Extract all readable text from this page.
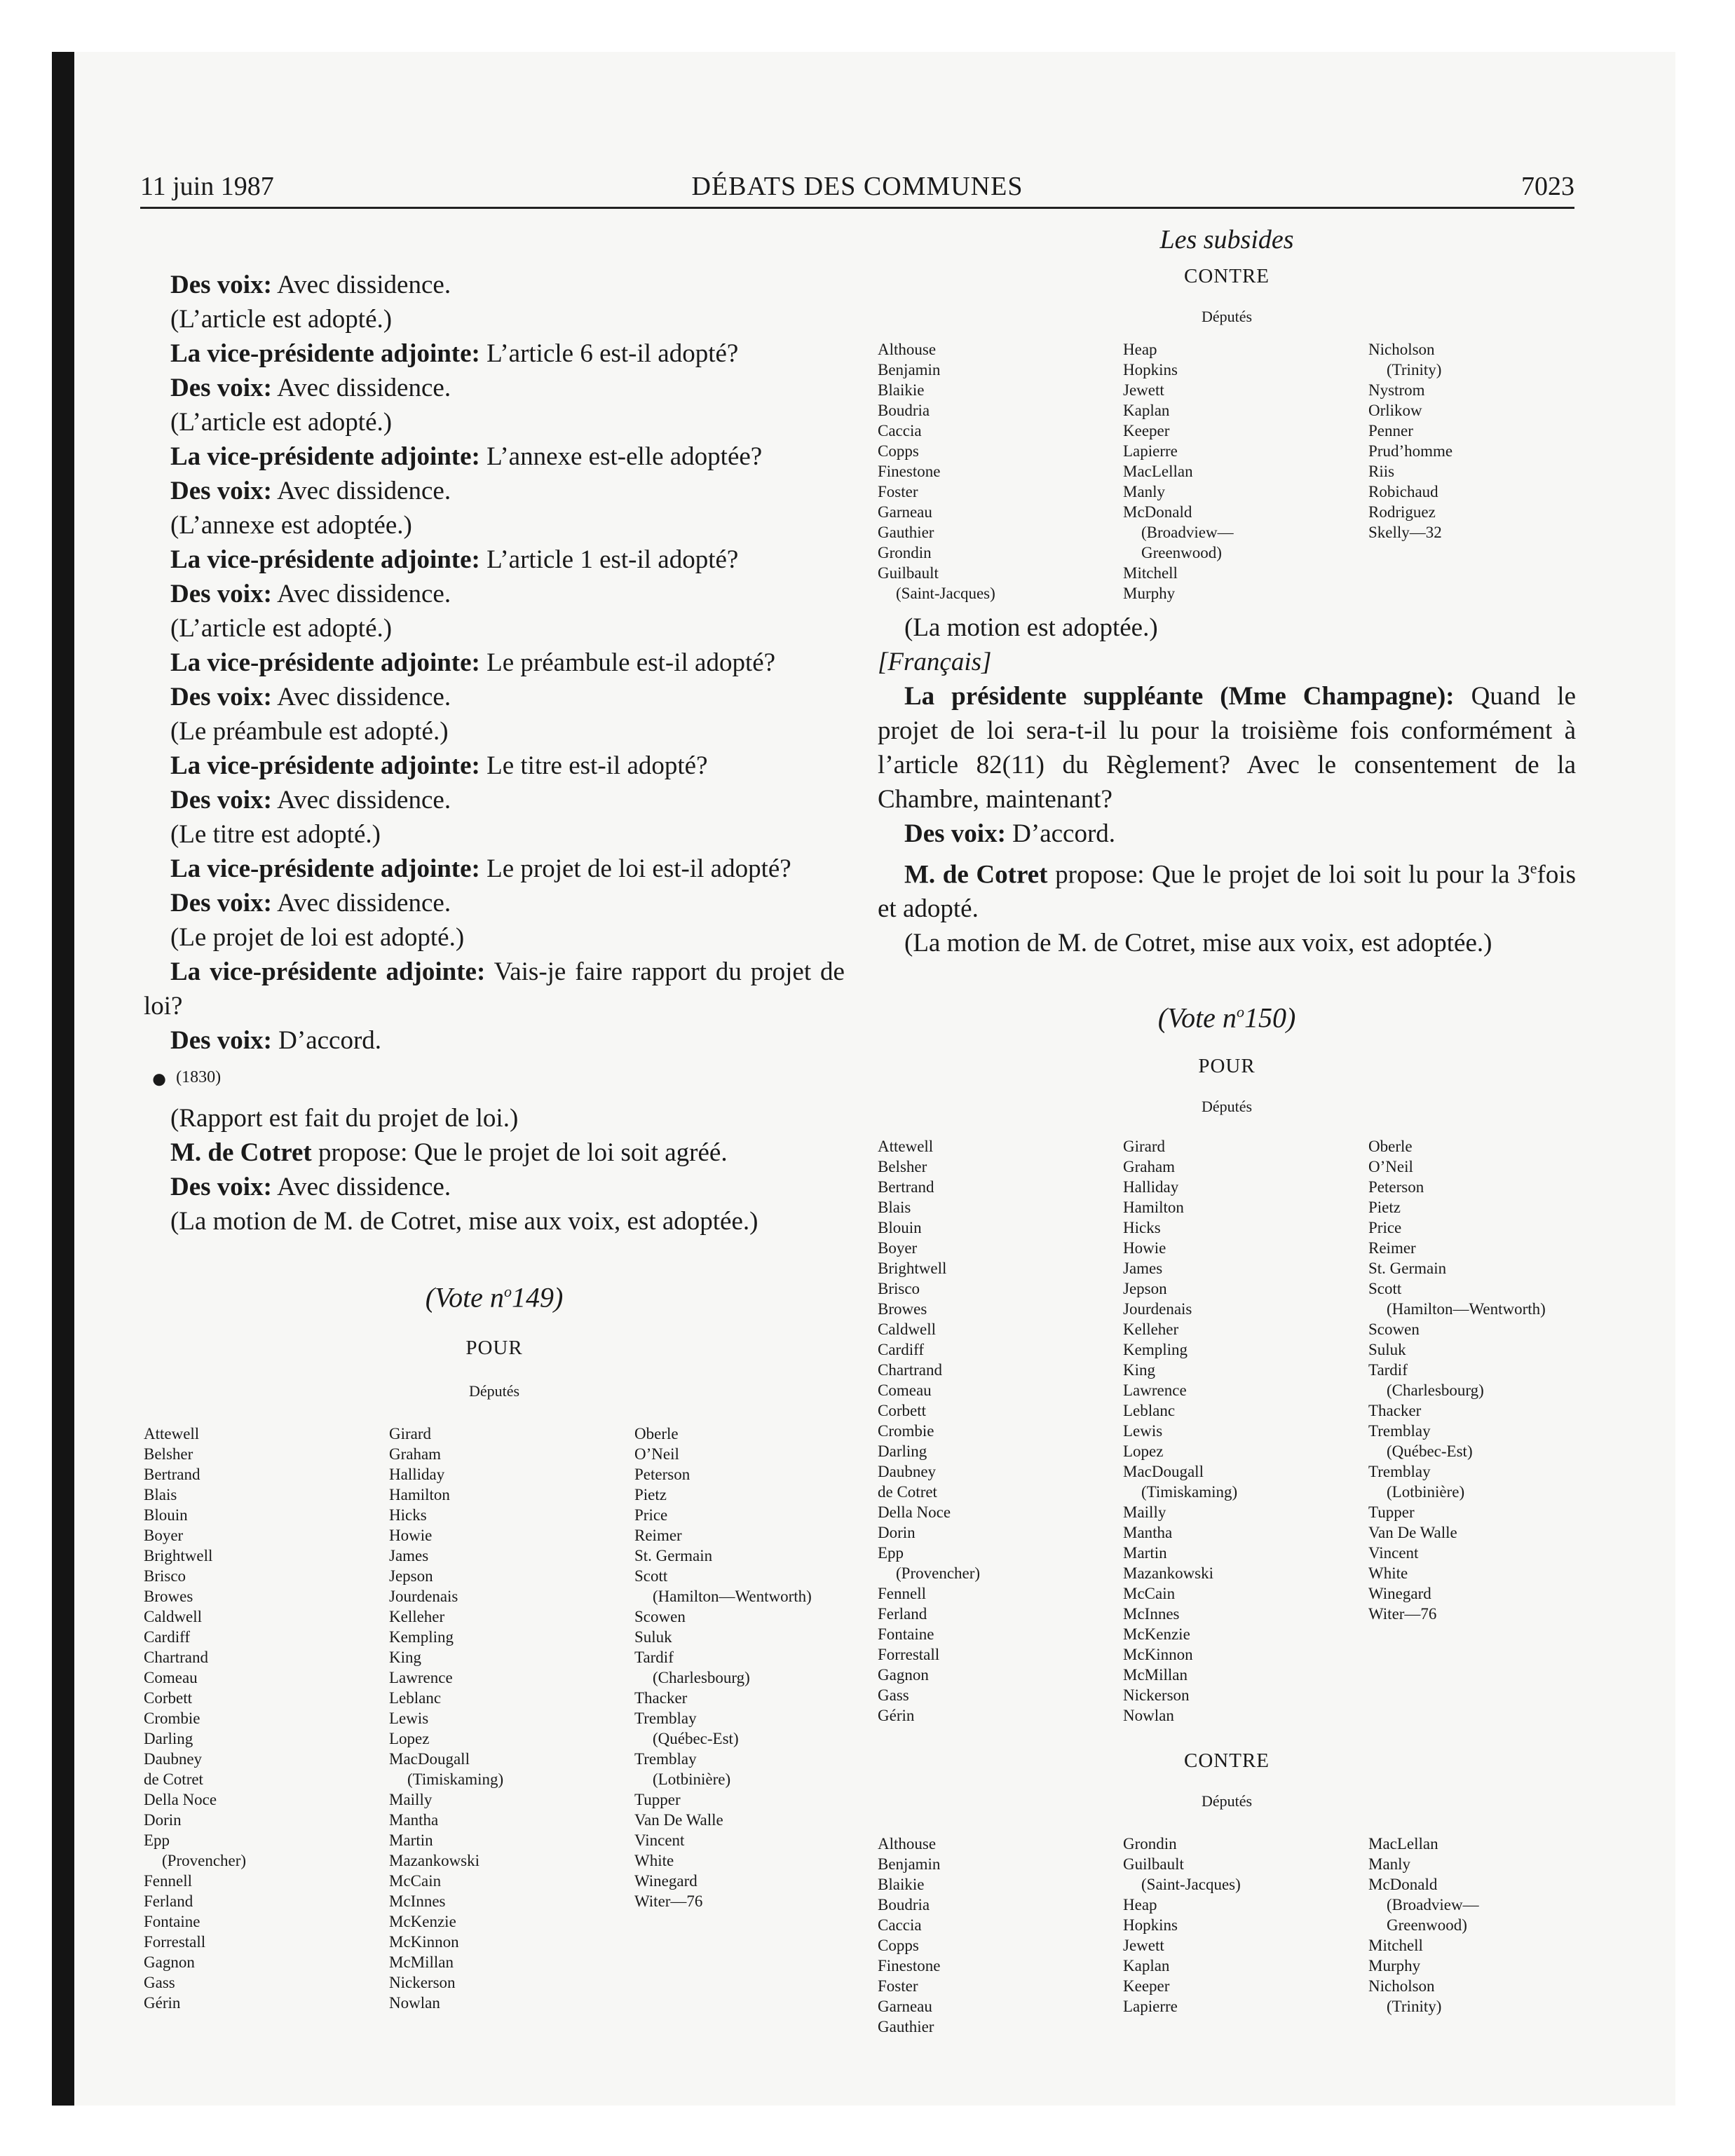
11 juin 1987	DÉBATS DES COMMUNES	7023

Des voix: Avec dissidence.

(L’article est adopté.)

La vice-présidente adjointe: L’article 6 est-il adopté?

Des voix: Avec dissidence.

(L’article est adopté.)

La vice-présidente adjointe: L’annexe est-elle adoptée?

Des voix: Avec dissidence.

(L’annexe est adoptée.)

La vice-présidente adjointe: L’article 1 est-il adopté?

Des voix: Avec dissidence.

(L’article est adopté.)

La vice-présidente adjointe: Le préambule est-il adopté?

Des voix: Avec dissidence.

(Le préambule est adopté.)

La vice-présidente adjointe: Le titre est-il adopté?

Des voix: Avec dissidence.

(Le titre est adopté.)

La vice-présidente adjointe: Le projet de loi est-il adopté?

Des voix: Avec dissidence.

(Le projet de loi est adopté.)

La vice-présidente adjointe: Vais-je faire rapport du projet de loi?

Des voix: D’accord.

● (1830)

(Rapport est fait du projet de loi.)

M. de Cotret propose: Que le projet de loi soit agréé.

Des voix: Avec dissidence.

(La motion de M. de Cotret, mise aux voix, est adoptée.)

(Vote $n^o149$)

POUR

Députés

Attewell
Belsher
Bertrand
Blais
Blouin
Boyer
Brightwell
Brisco
Browes
Caldwell
Cardiff
Chartrand
Comeau
Corbett
Crombie
Darling
Daubney
de Cotret
Della Noce
Dorin
Epp
(Provencher)
Fennell
Ferland
Fontaine
Forrestall
Gagnon
Gass
Gérin
Girard
Graham
Halliday
Hamilton
Hicks
Howie
James
Jepson
Jourdenais
Kelleher
Kempling
King
Lawrence
Leblanc
Lewis
Lopez
MacDougall
(Timiskaming)
Mailly
Mantha
Martin
Mazankowski
McCain
McInnes
McKenzie
McKinnon
McMillan
Nickerson
Nowlan
Oberle
O’Neil
Peterson
Pietz
Price
Reimer
St. Germain
Scott
(Hamilton—Wentworth)
Scowen
Suluk
Tardif
(Charlesbourg)
Thacker
Tremblay
(Québec-Est)
Tremblay
(Lotbinière)
Tupper
Van De Walle
Vincent
White
Winegard
Witer—76

Les subsides

CONTRE

Députés

Althouse
Benjamin
Blaikie
Boudria
Caccia
Copps
Finestone
Foster
Garneau
Gauthier
Grondin
Guilbault
(Saint-Jacques)
Heap
Hopkins
Jewett
Kaplan
Keeper
Lapierre
MacLellan
Manly
McDonald
(Broadview—
Greenwood)
Mitchell
Murphy
Nicholson
(Trinity)
Nystrom
Orlikow
Penner
Prud’homme
Riis
Robichaud
Rodriguez
Skelly—32

(La motion est adoptée.)

[Français]

La présidente suppléante (Mme Champagne): Quand le projet de loi sera-t-il lu pour la troisième fois conformément à l’article 82(11) du Règlement? Avec le consentement de la Chambre, maintenant?

Des voix: D’accord.

M. de Cotret propose: Que le projet de loi soit lu pour la 3efois et adopté.

(La motion de M. de Cotret, mise aux voix, est adoptée.)

(Vote $n^o150$)

POUR

Députés

Attewell
Belsher
Bertrand
Blais
Blouin
Boyer
Brightwell
Brisco
Browes
Caldwell
Cardiff
Chartrand
Comeau
Corbett
Crombie
Darling
Daubney
de Cotret
Della Noce
Dorin
Epp
(Provencher)
Fennell
Ferland
Fontaine
Forrestall
Gagnon
Gass
Gérin
Girard
Graham
Halliday
Hamilton
Hicks
Howie
James
Jepson
Jourdenais
Kelleher
Kempling
King
Lawrence
Leblanc
Lewis
Lopez
MacDougall
(Timiskaming)
Mailly
Mantha
Martin
Mazankowski
McCain
McInnes
McKenzie
McKinnon
McMillan
Nickerson
Nowlan
Oberle
O’Neil
Peterson
Pietz
Price
Reimer
St. Germain
Scott
(Hamilton—Wentworth)
Scowen
Suluk
Tardif
(Charlesbourg)
Thacker
Tremblay
(Québec-Est)
Tremblay
(Lotbinière)
Tupper
Van De Walle
Vincent
White
Winegard
Witer—76

CONTRE

Députés

Althouse
Benjamin
Blaikie
Boudria
Caccia
Copps
Finestone
Foster
Garneau
Gauthier
Grondin
Guilbault
(Saint-Jacques)
Heap
Hopkins
Jewett
Kaplan
Keeper
Lapierre
MacLellan
Manly
McDonald
(Broadview—
Greenwood)
Mitchell
Murphy
Nicholson
(Trinity)
